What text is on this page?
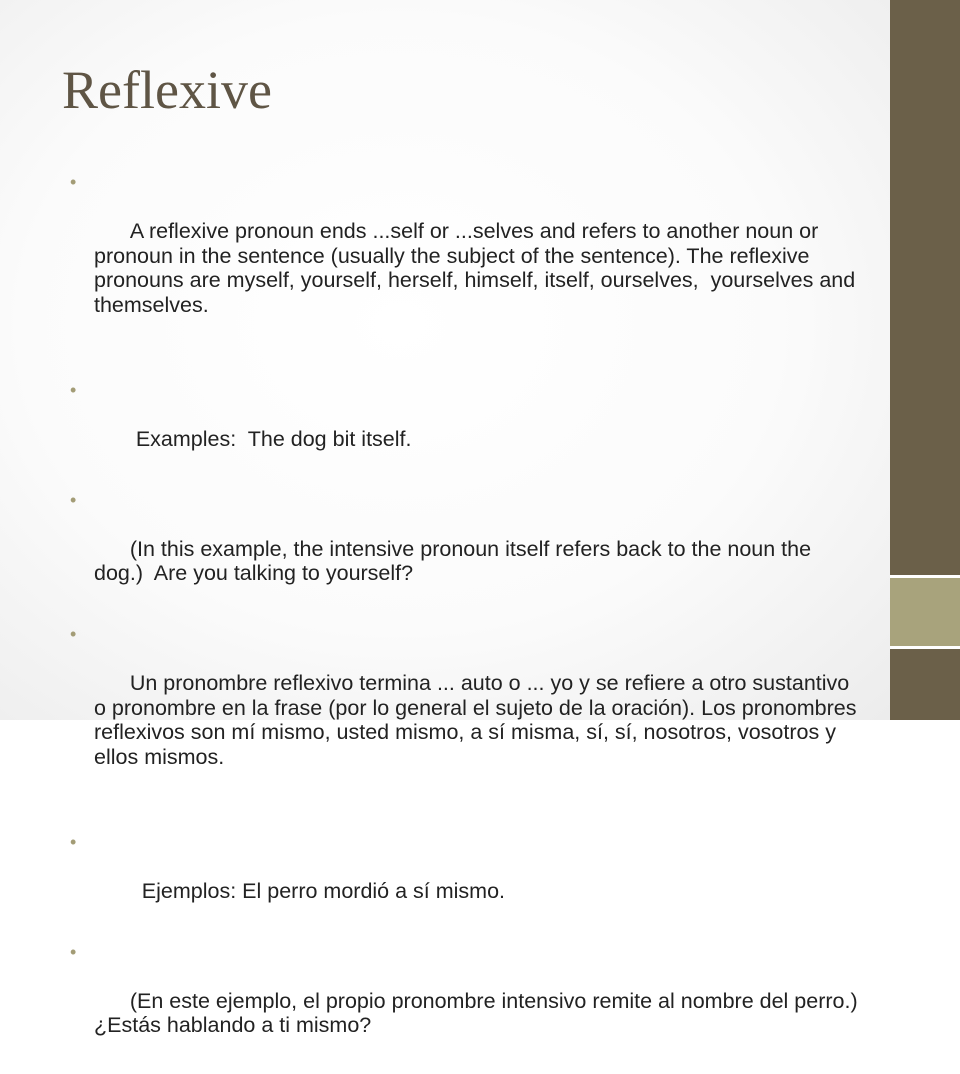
Reflexive

•

A reflexive pronoun ends ...self or ...selves and refers to another noun or pronoun in the sentence (usually the subject of the sentence). The reflexive pronouns are myself, yourself, herself, himself, itself, ourselves,  yourselves and themselves.

•

Examples:  The dog bit itself.

•

(In this example, the intensive pronoun itself refers back to the noun the dog.)  Are you talking to yourself?

•

Un pronombre reflexivo termina ... auto o ... yo y se refiere a otro sustantivo o pronombre en la frase (por lo general el sujeto de la oración). Los pronombres reflexivos son mí mismo, usted mismo, a sí misma, sí, sí, nosotros, vosotros y ellos mismos.

•

Ejemplos: El perro mordió a sí mismo.

•

(En este ejemplo, el propio pronombre intensivo remite al nombre del perro.) ¿Estás hablando a ti mismo?
